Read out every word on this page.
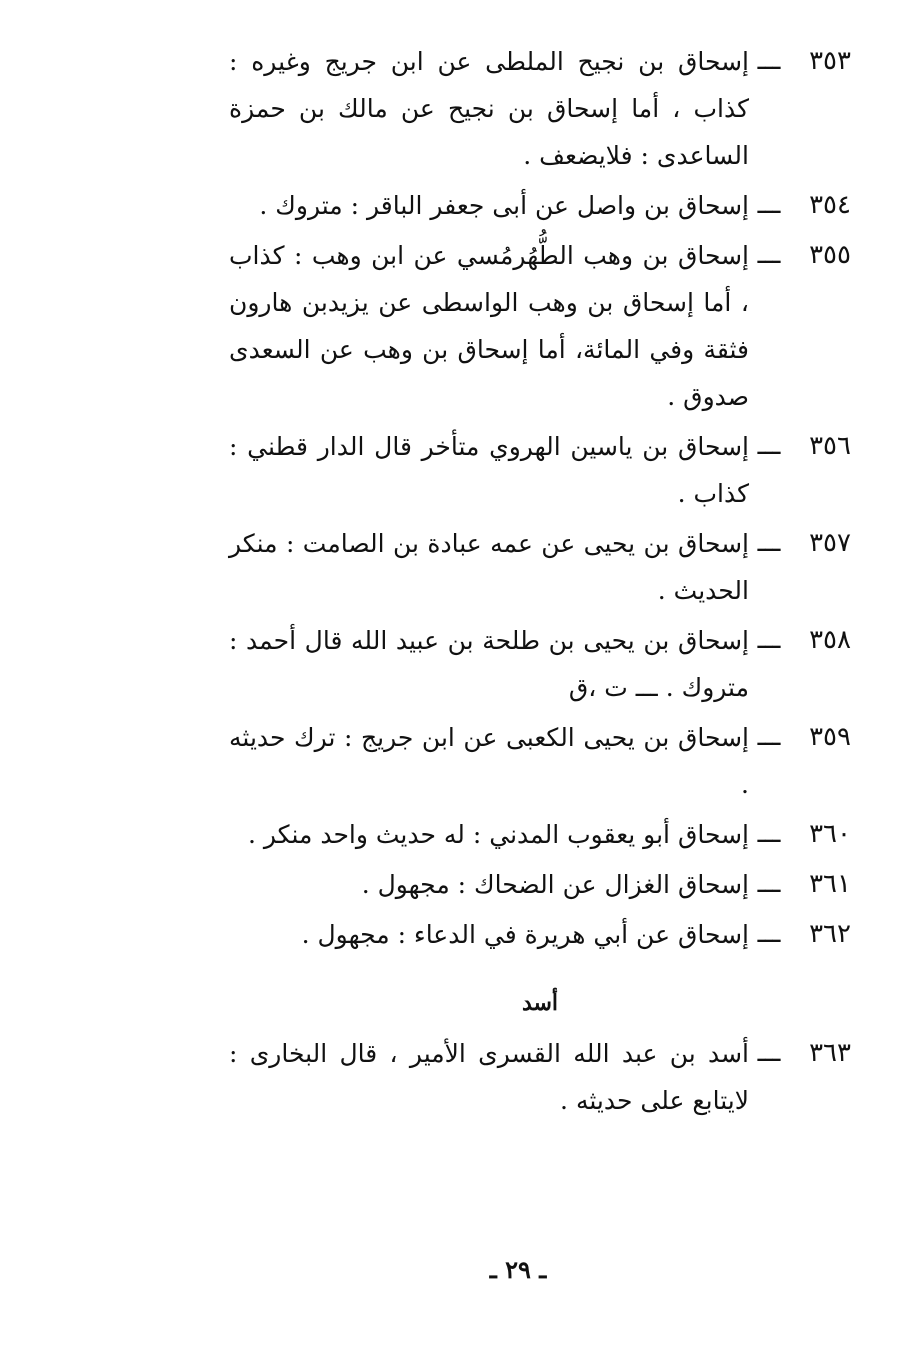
٣٥٣
ـــ
إسحاق بن نجيح الملطى عن ابن جريج وغيره : كذاب ، أما إسحاق بن نجيح عن مالك بن حمزة الساعدى : فلايضعف .
٣٥٤
ـــ
إسحاق بن واصل عن أبى جعفر الباقر : متروك .
٣٥٥
ـــ
إسحاق بن وهب الطُّهُرمُسي عن ابن وهب : كذاب ، أما إسحاق بن وهب الواسطى عن يزيدبن هارون فثقة وفي المائة، أما إسحاق بن وهب عن السعدى صدوق .
٣٥٦
ـــ
إسحاق بن ياسين الهروي متأخر قال الدار قطني : كذاب .
٣٥٧
ـــ
إسحاق بن يحيى عن عمه عبادة بن الصامت : منكر الحديث .
٣٥٨
ـــ
إسحاق بن يحيى بن طلحة بن عبيد الله قال أحمد : متروك . ـــ ت ،ق
٣٥٩
ـــ
إسحاق بن يحيى الكعبى عن ابن جريج : ترك حديثه .
٣٦٠
ـــ
إسحاق أبو يعقوب المدني : له حديث واحد منكر .
٣٦١
ـــ
إسحاق الغزال عن الضحاك : مجهول .
٣٦٢
ـــ
إسحاق عن أبي هريرة في الدعاء : مجهول .
أسد
٣٦٣
ـــ
أسد بن عبد الله القسرى الأمير ، قال البخارى : لايتابع على حديثه .
ـ ٢٩ ـ
